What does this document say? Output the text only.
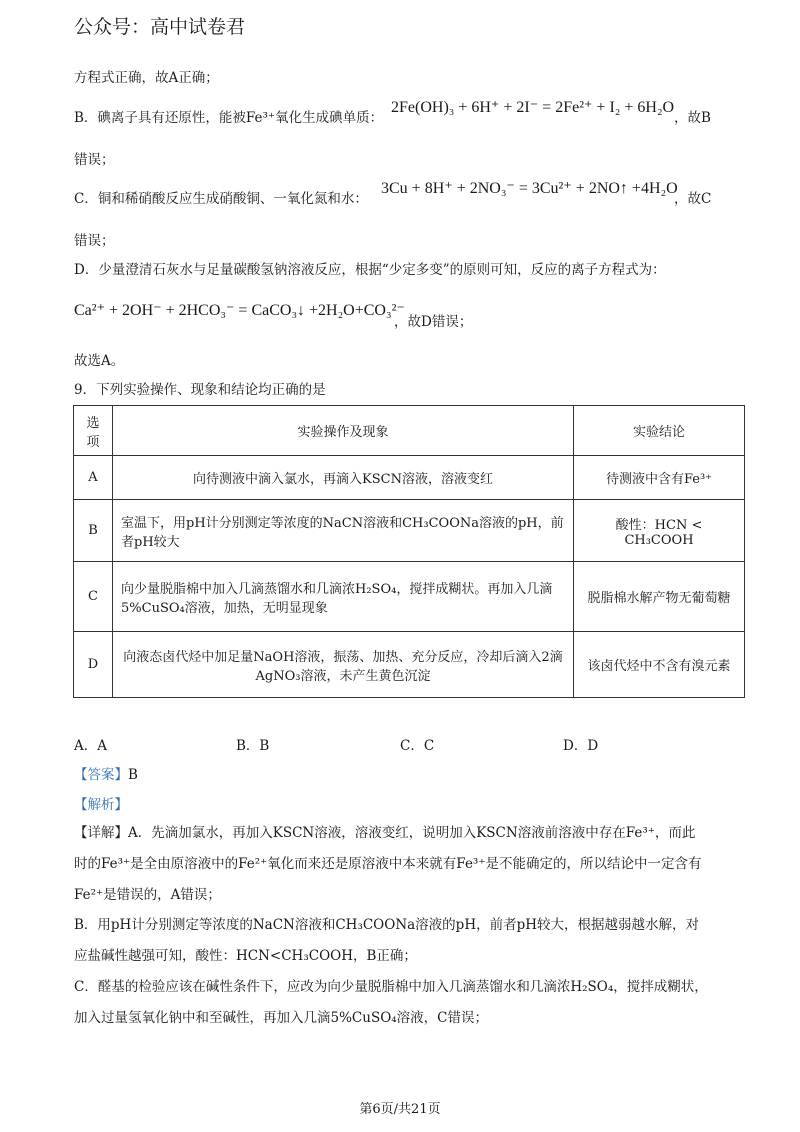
公众号：高中试卷君
方程式正确，故A正确；
B．碘离子具有还原性，能被Fe³⁺氧化生成碘单质：
2Fe(OH)₃ + 6H⁺ + 2I⁻ = 2Fe²⁺ + I₂ + 6H₂O
，故B
错误；
C．铜和稀硝酸反应生成硝酸铜、一氧化氮和水：
3Cu + 8H⁺ + 2NO₃⁻ = 3Cu²⁺ + 2NO↑ +4H₂O
，故C
错误；
D．少量澄清石灰水与足量碳酸氢钠溶液反应，根据“少定多变”的原则可知，反应的离子方程式为：
Ca²⁺ + 2OH⁻ + 2HCO₃⁻ = CaCO₃↓ +2H₂O+CO₃²⁻
，故D错误；
故选A。
9．下列实验操作、现象和结论均正确的是
选项	实验操作及现象	实验结论
A	向待测液中滴入氯水，再滴入KSCN溶液，溶液变红	待测液中含有Fe³⁺
B	室温下，用pH计分别测定等浓度的NaCN溶液和CH₃COONa溶液的pH，前者pH较大	酸性：HCN < CH₃COOH
C	向少量脱脂棉中加入几滴蒸馏水和几滴浓H₂SO₄，搅拌成糊状。再加入几滴5%CuSO₄溶液，加热，无明显现象	脱脂棉水解产物无葡萄糖
D	向液态卤代烃中加足量NaOH溶液，振荡、加热、充分反应，冷却后滴入2滴AgNO₃溶液，未产生黄色沉淀	该卤代烃中不含有溴元素
A．A	B．B	C．C	D．D
【答案】B
【解析】
【详解】A．先滴加氯水，再加入KSCN溶液，溶液变红，说明加入KSCN溶液前溶液中存在Fe³⁺，而此
时的Fe³⁺是全由原溶液中的Fe²⁺氧化而来还是原溶液中本来就有Fe³⁺是不能确定的，所以结论中一定含有
Fe²⁺是错误的，A错误；
B．用pH计分别测定等浓度的NaCN溶液和CH₃COONa溶液的pH，前者pH较大，根据越弱越水解，对
应盐碱性越强可知，酸性：HCN<CH₃COOH，B正确；
C．醛基的检验应该在碱性条件下，应改为向少量脱脂棉中加入几滴蒸馏水和几滴浓H₂SO₄，搅拌成糊状，
加入过量氢氧化钠中和至碱性，再加入几滴5%CuSO₄溶液，C错误；
第6页/共21页
